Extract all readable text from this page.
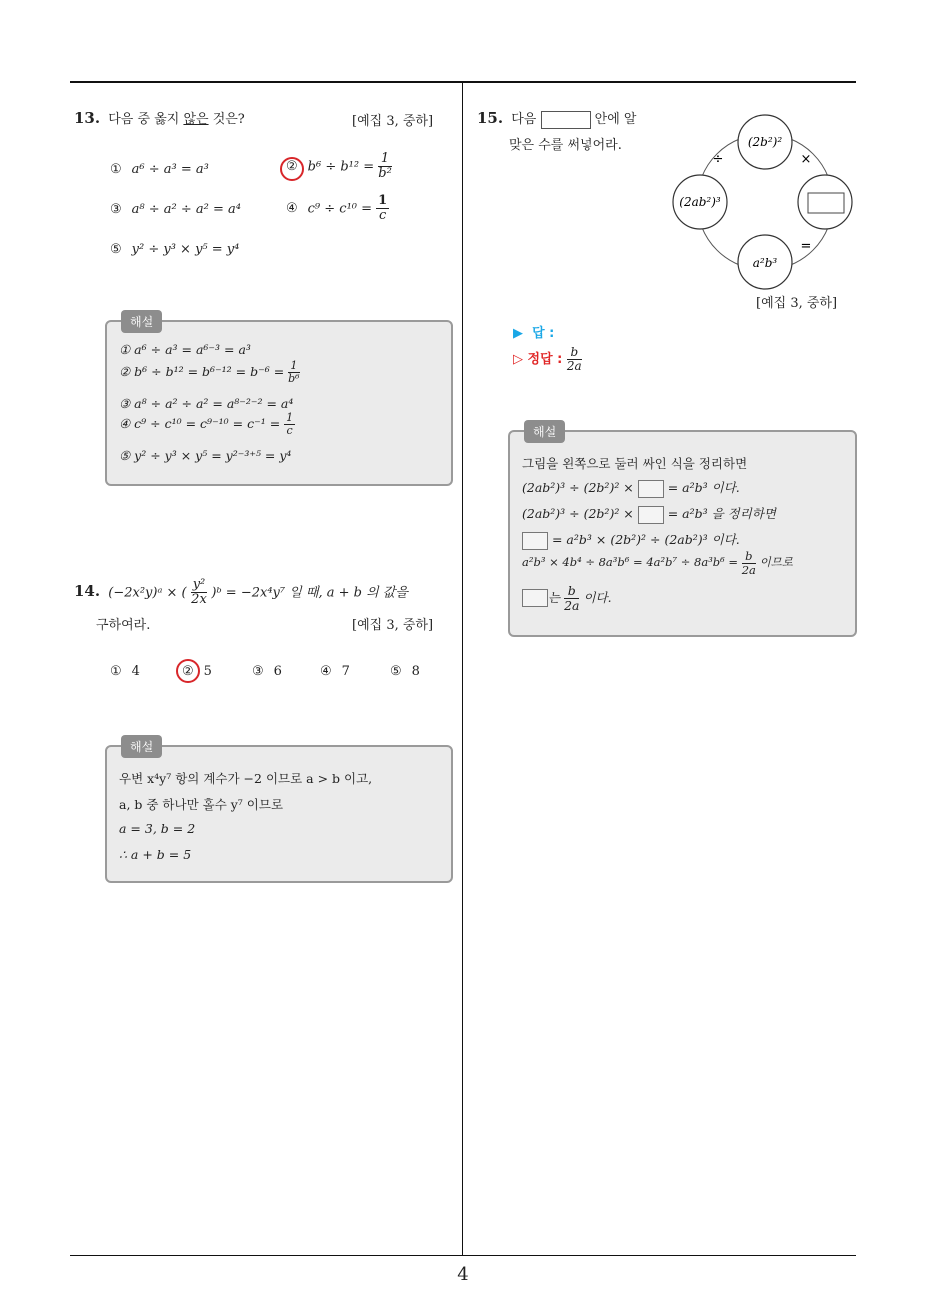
4
13. 다음 중 옳지 않은 것은?	[예집 3, 중하]
① a⁶ ÷ a³ = a³	② $b^6 \div b^{12} = \frac{1}{\text{b²}}$
③ a⁸ ÷ a² ÷ a² = a⁴	④ $c^9 \div c^{10} = \frac{1}{c}$
⑤ y² ÷ y³ × y⁵ = y⁴
해설
① a⁶ ÷ a³ = a⁶⁻³ = a³
② $b^6 \div b^{12} = b^{6-12} = b^{-6} = \frac{1}{\text{b⁶}}$
③ a⁸ ÷ a² ÷ a² = a⁸⁻²⁻² = a⁴
④ $c^9 \div c^{10} = c^{9-10} = c^{-1} = \frac{1}{c}$
⑤ y² ÷ y³ × y⁵ = y²⁻³⁺⁵ = y⁴
14. (−2x²y)ᵃ × ( $\frac{\text{y²}}{2x}$ )ᵇ = −2x⁴y⁷ 일 때, a + b 의 값을
구하여라.	[예집 3, 중하]
① 4	② 5	③ 6	④ 7	⑤ 8
해설
우변 x⁴y⁷ 항의 계수가 −2 이므로 a > b 이고,
a, b 중 하나만 홀수 y⁷ 이므로
a = 3, b = 2
∴ a + b = 5
15. 다음	안에 알
맞은 수를 써넣어라.	(2b²)²
(2ab²)³
a²b³
÷	×
=
[예집 3, 중하]
▶ 답 :
▷ 정답 : $\frac{b}{2a}$
해설
그림을 왼쪽으로 둘러 싸인 식을 정리하면
(2ab²)³ ÷ (2b²)² ×  = a²b³ 이다.
(2ab²)³ ÷ (2b²)² ×  = a²b³ 을 정리하면
= a²b³ × (2b²)² ÷ (2ab²)³ 이다.
$a^2b^3 \times 4b^4 \div 8a^3b^6 = 4a^2b^7 \div 8a^3b^6 = \frac{b}{2a}$ 이므로
는 $\frac{b}{2a}$ 이다.
